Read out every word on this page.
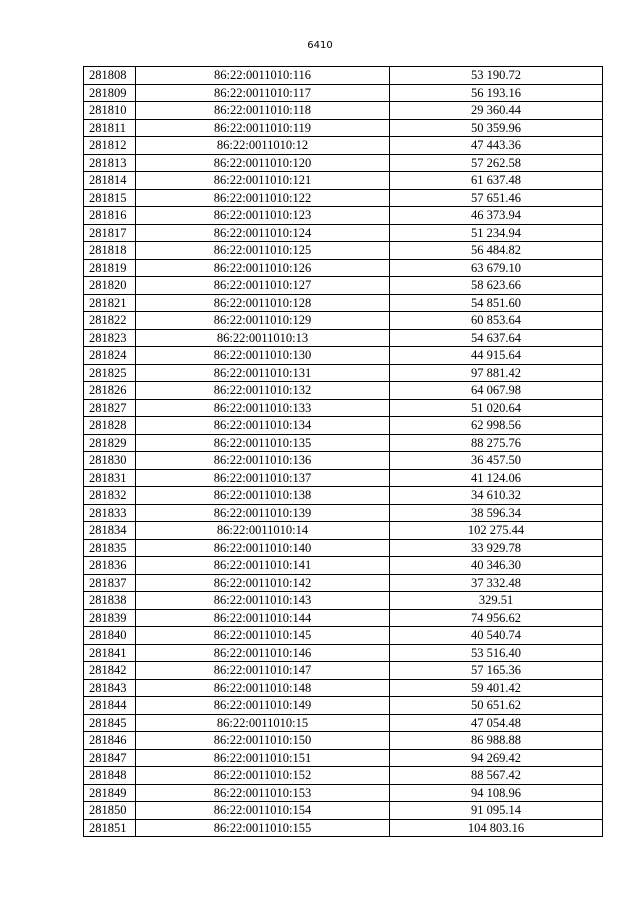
6410
281808	86:22:0011010:116	53 190.72
281809	86:22:0011010:117	56 193.16
281810	86:22:0011010:118	29 360.44
281811	86:22:0011010:119	50 359.96
281812	86:22:0011010:12	47 443.36
281813	86:22:0011010:120	57 262.58
281814	86:22:0011010:121	61 637.48
281815	86:22:0011010:122	57 651.46
281816	86:22:0011010:123	46 373.94
281817	86:22:0011010:124	51 234.94
281818	86:22:0011010:125	56 484.82
281819	86:22:0011010:126	63 679.10
281820	86:22:0011010:127	58 623.66
281821	86:22:0011010:128	54 851.60
281822	86:22:0011010:129	60 853.64
281823	86:22:0011010:13	54 637.64
281824	86:22:0011010:130	44 915.64
281825	86:22:0011010:131	97 881.42
281826	86:22:0011010:132	64 067.98
281827	86:22:0011010:133	51 020.64
281828	86:22:0011010:134	62 998.56
281829	86:22:0011010:135	88 275.76
281830	86:22:0011010:136	36 457.50
281831	86:22:0011010:137	41 124.06
281832	86:22:0011010:138	34 610.32
281833	86:22:0011010:139	38 596.34
281834	86:22:0011010:14	102 275.44
281835	86:22:0011010:140	33 929.78
281836	86:22:0011010:141	40 346.30
281837	86:22:0011010:142	37 332.48
281838	86:22:0011010:143	329.51
281839	86:22:0011010:144	74 956.62
281840	86:22:0011010:145	40 540.74
281841	86:22:0011010:146	53 516.40
281842	86:22:0011010:147	57 165.36
281843	86:22:0011010:148	59 401.42
281844	86:22:0011010:149	50 651.62
281845	86:22:0011010:15	47 054.48
281846	86:22:0011010:150	86 988.88
281847	86:22:0011010:151	94 269.42
281848	86:22:0011010:152	88 567.42
281849	86:22:0011010:153	94 108.96
281850	86:22:0011010:154	91 095.14
281851	86:22:0011010:155	104 803.16
